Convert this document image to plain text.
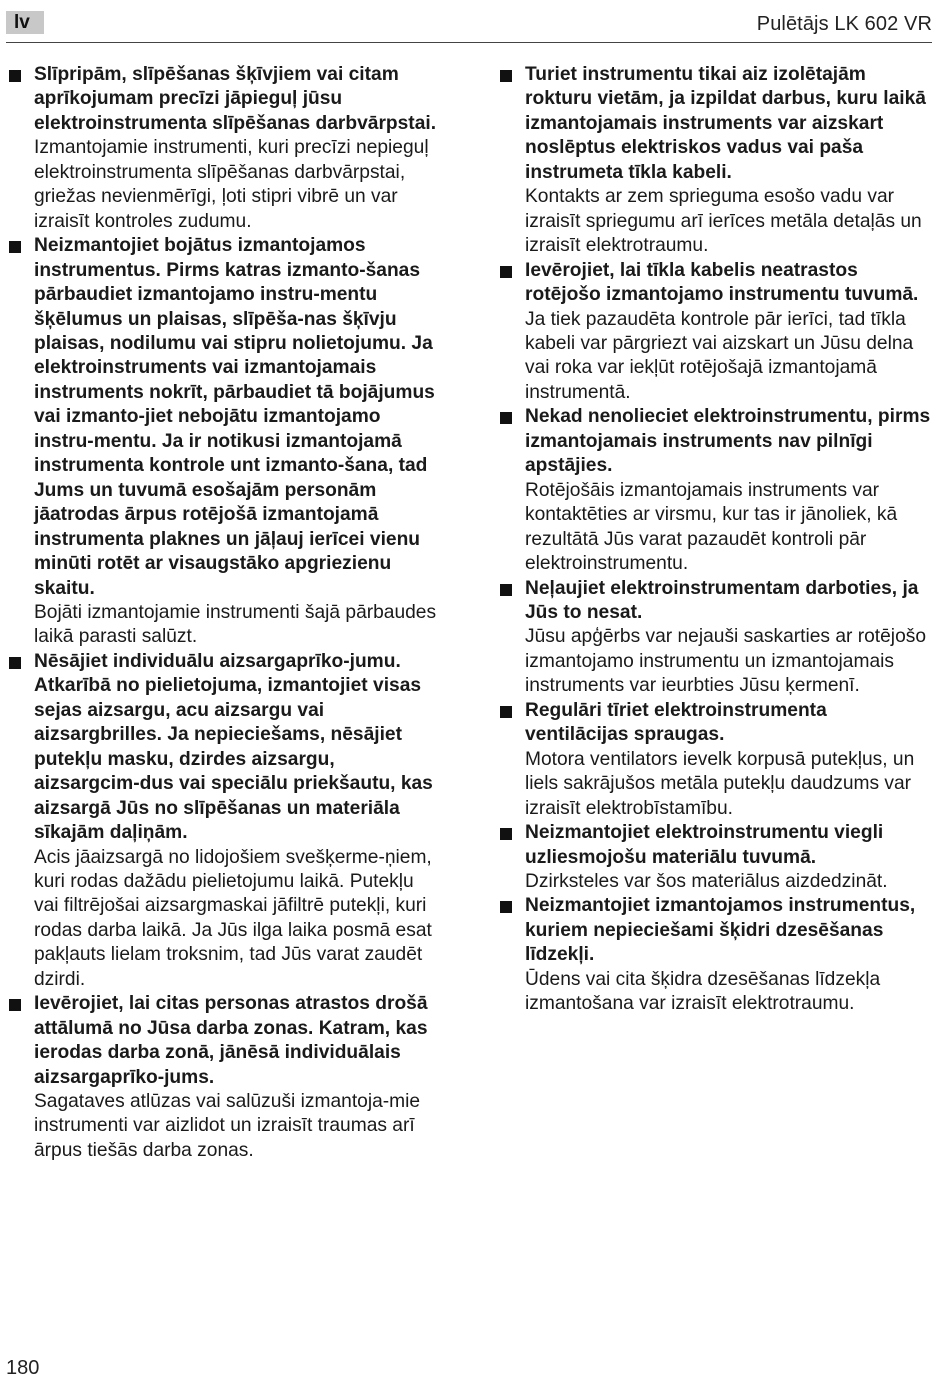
lv	Pulētājs LK 602 VR

Slīpripām, slīpēšanas šķīvjiem vai citam aprīkojumam precīzi jāpieguļ jūsu elektroinstrumenta slīpēšanas darbvārpstai.

Izmantojamie instrumenti, kuri precīzi nepieguļ elektroinstrumenta slīpēšanas darbvārpstai, griežas nevienmērīgi, ļoti stipri vibrē un var izraisīt kontroles zudumu.

Neizmantojiet bojātus izmantojamos instrumentus. Pirms katras izmanto-šanas pārbaudiet izmantojamo instru-mentu šķēlumus un plaisas, slīpēša-nas šķīvju plaisas, nodilumu vai stipru nolietojumu. Ja elektroinstruments vai izmantojamais instruments nokrīt, pārbaudiet tā bojājumus vai izmanto-jiet nebojātu izmantojamo instru-mentu. Ja ir notikusi izmantojamā instrumenta kontrole unt izmanto-šana, tad Jums un tuvumā esošajām personām jāatrodas ārpus rotējošā izmantojamā instrumenta plaknes un jāļauj ierīcei vienu minūti rotēt ar visaugstāko apgriezienu skaitu.

Bojāti izmantojamie instrumenti šajā pārbaudes laikā parasti salūzt.

Nēsājiet individuālu aizsargaprīko-jumu. Atkarībā no pielietojuma, izmantojiet visas sejas aizsargu, acu aizsargu vai aizsargbrilles. Ja nepieciešams, nēsājiet putekļu masku, dzirdes aizsargu, aizsargcim-dus vai speciālu priekšautu, kas aizsargā Jūs no slīpēšanas un materiāla sīkajām daļiņām.

Acis jāaizsargā no lidojošiem svešķerme-ņiem, kuri rodas dažādu pielietojumu laikā. Putekļu vai filtrējošai aizsargmaskai jāfiltrē putekļi, kuri rodas darba laikā. Ja Jūs ilga laika posmā esat pakļauts lielam troksnim, tad Jūs varat zaudēt dzirdi.

Ievērojiet, lai citas personas atrastos drošā attālumā no Jūsa darba zonas. Katram, kas ierodas darba zonā, jānēsā individuālais aizsargaprīko-jums.

Sagataves atlūzas vai salūzuši izmantoja-mie instrumenti var aizlidot un izraisīt traumas arī ārpus tiešās darba zonas.

Turiet instrumentu tikai aiz izolētajām rokturu vietām, ja izpildat darbus, kuru laikā izmantojamais instruments var aizskart noslēptus elektriskos vadus vai paša instrumeta tīkla kabeli.

Kontakts ar zem sprieguma esošo vadu var izraisīt spriegumu arī ierīces metāla detaļās un izraisīt elektrotraumu.

Ievērojiet, lai tīkla kabelis neatrastos rotējošo izmantojamo instrumentu tuvumā.

Ja tiek pazaudēta kontrole pār ierīci, tad tīkla kabeli var pārgriezt vai aizskart un Jūsu delna vai roka var iekļūt rotējošajā izmantojamā instrumentā.

Nekad nenolieciet elektroinstrumentu, pirms izmantojamais instruments nav pilnīgi apstājies.

Rotējošāis izmantojamais instruments var kontaktēties ar virsmu, kur tas ir jānoliek, kā rezultātā Jūs varat pazaudēt kontroli pār elektroinstrumentu.

Neļaujiet elektroinstrumentam darboties, ja Jūs to nesat.

Jūsu apģērbs var nejauši saskarties ar rotējošo izmantojamo instrumentu un izmantojamais instruments var ieurbties Jūsu ķermenī.

Regulāri tīriet elektroinstrumenta ventilācijas spraugas.

Motora ventilators ievelk korpusā putekļus, un liels sakrājušos metāla putekļu daudzums var izraisīt elektrobīstamību.

Neizmantojiet elektroinstrumentu viegli uzliesmojošu materiālu tuvumā.

Dzirksteles var šos materiālus aizdedzināt.

Neizmantojiet izmantojamos instrumentus, kuriem nepieciešami šķidri dzesēšanas līdzekļi.

Ūdens vai cita šķidra dzesēšanas līdzekļa izmantošana var izraisīt elektrotraumu.

180
